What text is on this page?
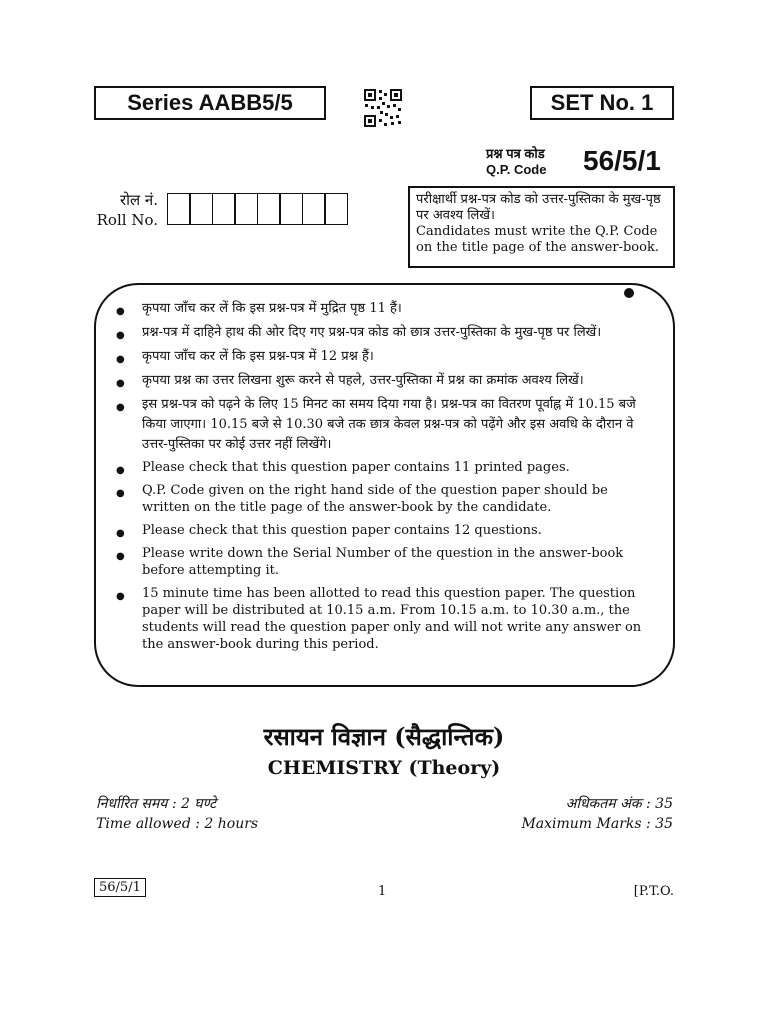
Series AABB5/5	SET No. 1
प्रश्न पत्र कोड
Q.P. Code 56/5/1
रोल नं.
Roll No.
परीक्षार्थी प्रश्न-पत्र कोड को उत्तर-पुस्तिका के मुख-पृष्ठ पर अवश्य लिखें।
Candidates must write the Q.P. Code on the title page of the answer-book.
● कृपया जाँच कर लें कि इस प्रश्न-पत्र में मुद्रित पृष्ठ 11 हैं।
● प्रश्न-पत्र में दाहिने हाथ की ओर दिए गए प्रश्न-पत्र कोड को छात्र उत्तर-पुस्तिका के मुख-पृष्ठ पर लिखें।
● कृपया जाँच कर लें कि इस प्रश्न-पत्र में 12 प्रश्न हैं।
● कृपया प्रश्न का उत्तर लिखना शुरू करने से पहले, उत्तर-पुस्तिका में प्रश्न का क्रमांक अवश्य लिखें।
● इस प्रश्न-पत्र को पढ़ने के लिए 15 मिनट का समय दिया गया है। प्रश्न-पत्र का वितरण पूर्वाह्न में 10.15 बजे किया जाएगा। 10.15 बजे से 10.30 बजे तक छात्र केवल प्रश्न-पत्र को पढ़ेंगे और इस अवधि के दौरान वे उत्तर-पुस्तिका पर कोई उत्तर नहीं लिखेंगे।
● Please check that this question paper contains 11 printed pages.
● Q.P. Code given on the right hand side of the question paper should be written on the title page of the answer-book by the candidate.
● Please check that this question paper contains 12 questions.
● Please write down the Serial Number of the question in the answer-book before attempting it.
● 15 minute time has been allotted to read this question paper. The question paper will be distributed at 10.15 a.m. From 10.15 a.m. to 10.30 a.m., the students will read the question paper only and will not write any answer on the answer-book during this period.
रसायन विज्ञान (सैद्धान्तिक)
CHEMISTRY (Theory)
निर्धारित समय : 2 घण्टे
Time allowed : 2 hours
अधिकतम अंक : 35
Maximum Marks : 35
56/5/1	1	[P.T.O.
